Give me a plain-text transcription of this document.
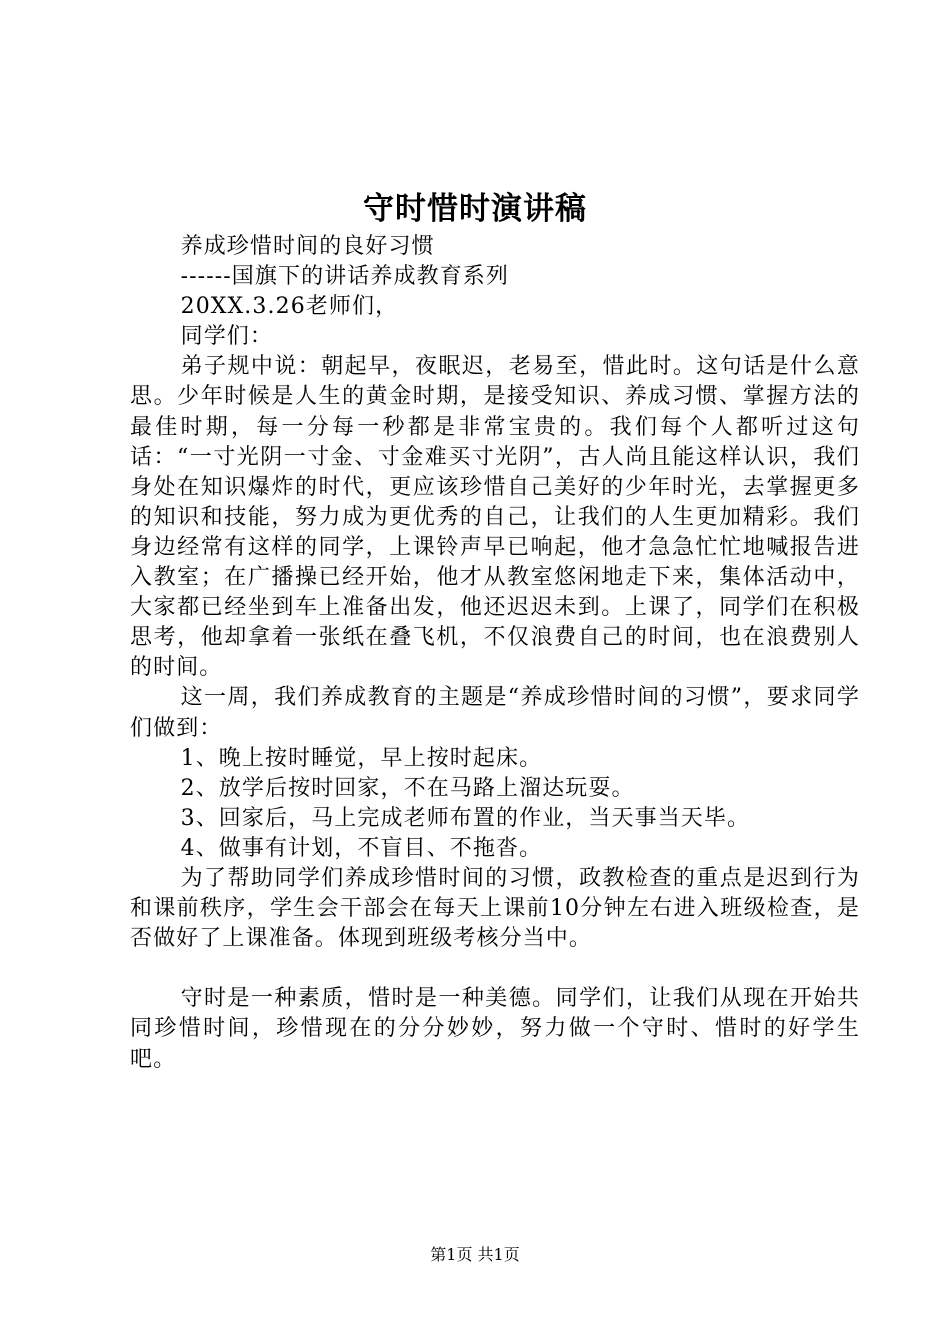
守时惜时演讲稿

养成珍惜时间的良好习惯

------国旗下的讲话养成教育系列

20XX.3.26老师们，

同学们：

弟子规中说：朝起早，夜眠迟，老易至，惜此时。这句话是什么意思。少年时候是人生的黄金时期，是接受知识、养成习惯、掌握方法的最佳时期，每一分每一秒都是非常宝贵的。我们每个人都听过这句话：“一寸光阴一寸金、寸金难买寸光阴”，古人尚且能这样认识，我们身处在知识爆炸的时代，更应该珍惜自己美好的少年时光，去掌握更多的知识和技能，努力成为更优秀的自己，让我们的人生更加精彩。我们身边经常有这样的同学，上课铃声早已响起，他才急急忙忙地喊报告进入教室；在广播操已经开始，他才从教室悠闲地走下来，集体活动中，大家都已经坐到车上准备出发，他还迟迟未到。上课了，同学们在积极思考，他却拿着一张纸在叠飞机，不仅浪费自己的时间，也在浪费别人的时间。

这一周，我们养成教育的主题是“养成珍惜时间的习惯”，要求同学们做到：

1、晚上按时睡觉，早上按时起床。

2、放学后按时回家，不在马路上溜达玩耍。

3、回家后，马上完成老师布置的作业，当天事当天毕。

4、做事有计划，不盲目、不拖沓。

为了帮助同学们养成珍惜时间的习惯，政教检查的重点是迟到行为和课前秩序，学生会干部会在每天上课前10分钟左右进入班级检查，是否做好了上课准备。体现到班级考核分当中。

守时是一种素质，惜时是一种美德。同学们，让我们从现在开始共同珍惜时间，珍惜现在的分分妙妙，努力做一个守时、惜时的好学生吧。

第1页 共1页
